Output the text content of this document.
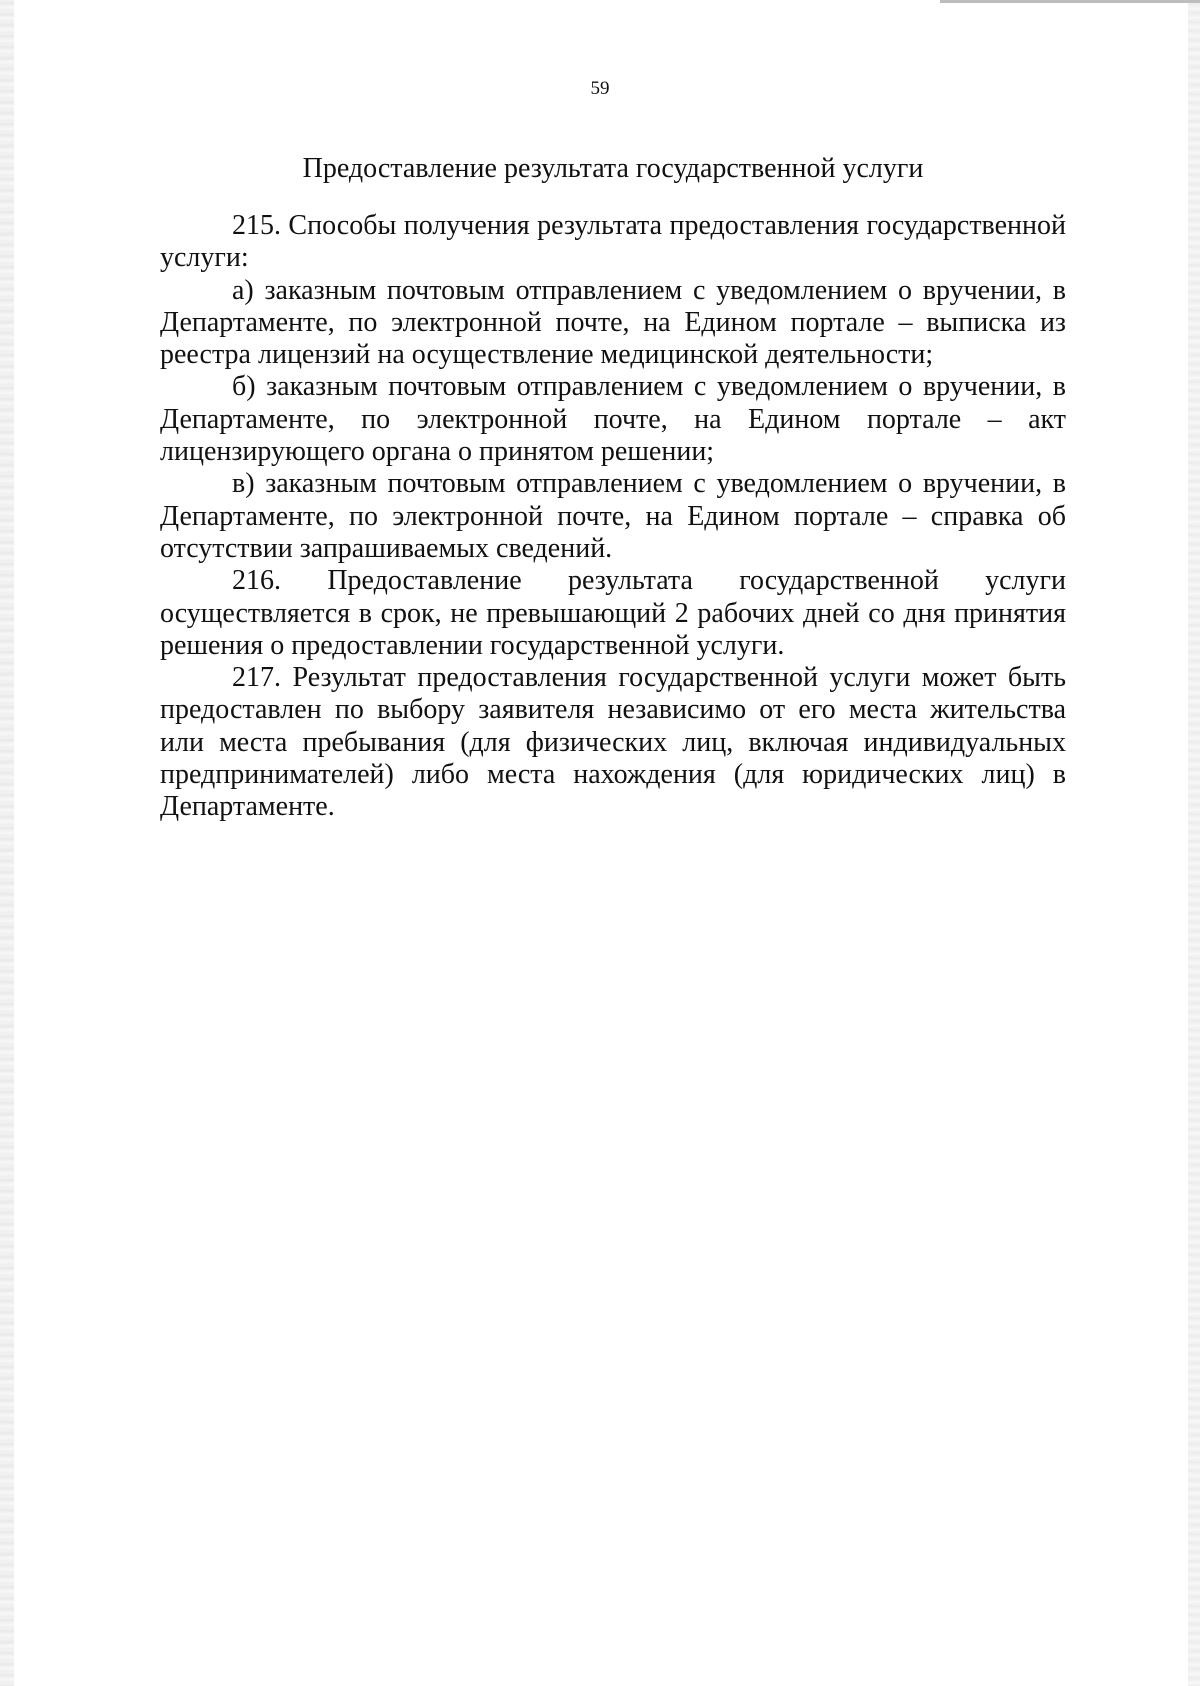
59
Предоставление результата государственной услуги

215. Способы получения результата предоставления государственной услуги:

а) заказным почтовым отправлением с уведомлением о вручении, в Департаменте, по электронной почте, на Едином портале – выписка из реестра лицензий на осуществление медицинской деятельности;

б) заказным почтовым отправлением с уведомлением о вручении, в Департаменте, по электронной почте, на Едином портале – акт лицензирующего органа о принятом решении;

в) заказным почтовым отправлением с уведомлением о вручении, в Департаменте, по электронной почте, на Едином портале – справка об отсутствии запрашиваемых сведений.

216. Предоставление результата государственной услуги осуществляется в срок, не превышающий 2 рабочих дней со дня принятия решения о предоставлении государственной услуги.

217. Результат предоставления государственной услуги может быть предоставлен по выбору заявителя независимо от его места жительства или места пребывания (для физических лиц, включая индивидуальных предпринимателей) либо места нахождения (для юридических лиц) в Департаменте.
